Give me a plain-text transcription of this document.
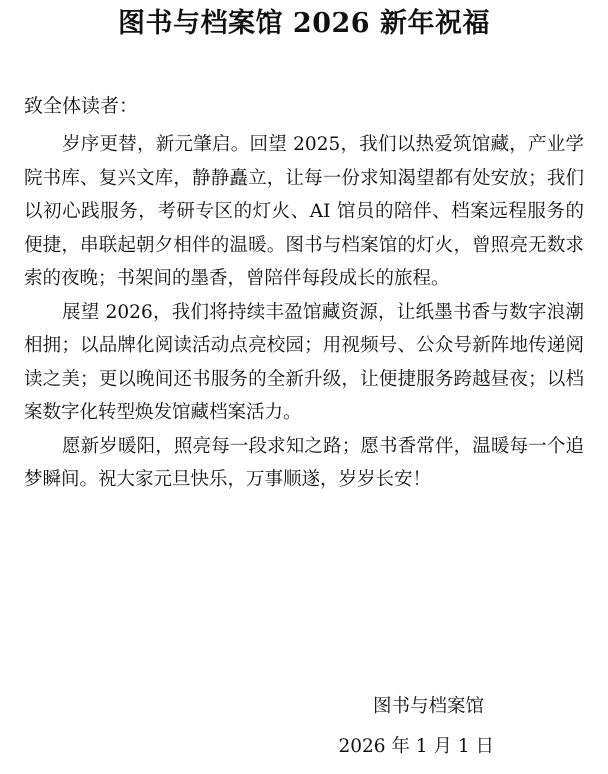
图书与档案馆 2026 新年祝福
致全体读者：

岁序更替，新元肇启。回望 2025，我们以热爱筑馆藏，产业学院书库、复兴文库，静静矗立，让每一份求知渴望都有处安放；我们以初心践服务，考研专区的灯火、AI 馆员的陪伴、档案远程服务的便捷，串联起朝夕相伴的温暖。图书与档案馆的灯火，曾照亮无数求索的夜晚；书架间的墨香，曾陪伴每段成长的旅程。

展望 2026，我们将持续丰盈馆藏资源，让纸墨书香与数字浪潮相拥；以品牌化阅读活动点亮校园；用视频号、公众号新阵地传递阅读之美；更以晚间还书服务的全新升级，让便捷服务跨越昼夜；以档案数字化转型焕发馆藏档案活力。

愿新岁暖阳，照亮每一段求知之路；愿书香常伴，温暖每一个追梦瞬间。祝大家元旦快乐，万事顺遂，岁岁长安！

图书与档案馆
2026 年 1 月 1 日
